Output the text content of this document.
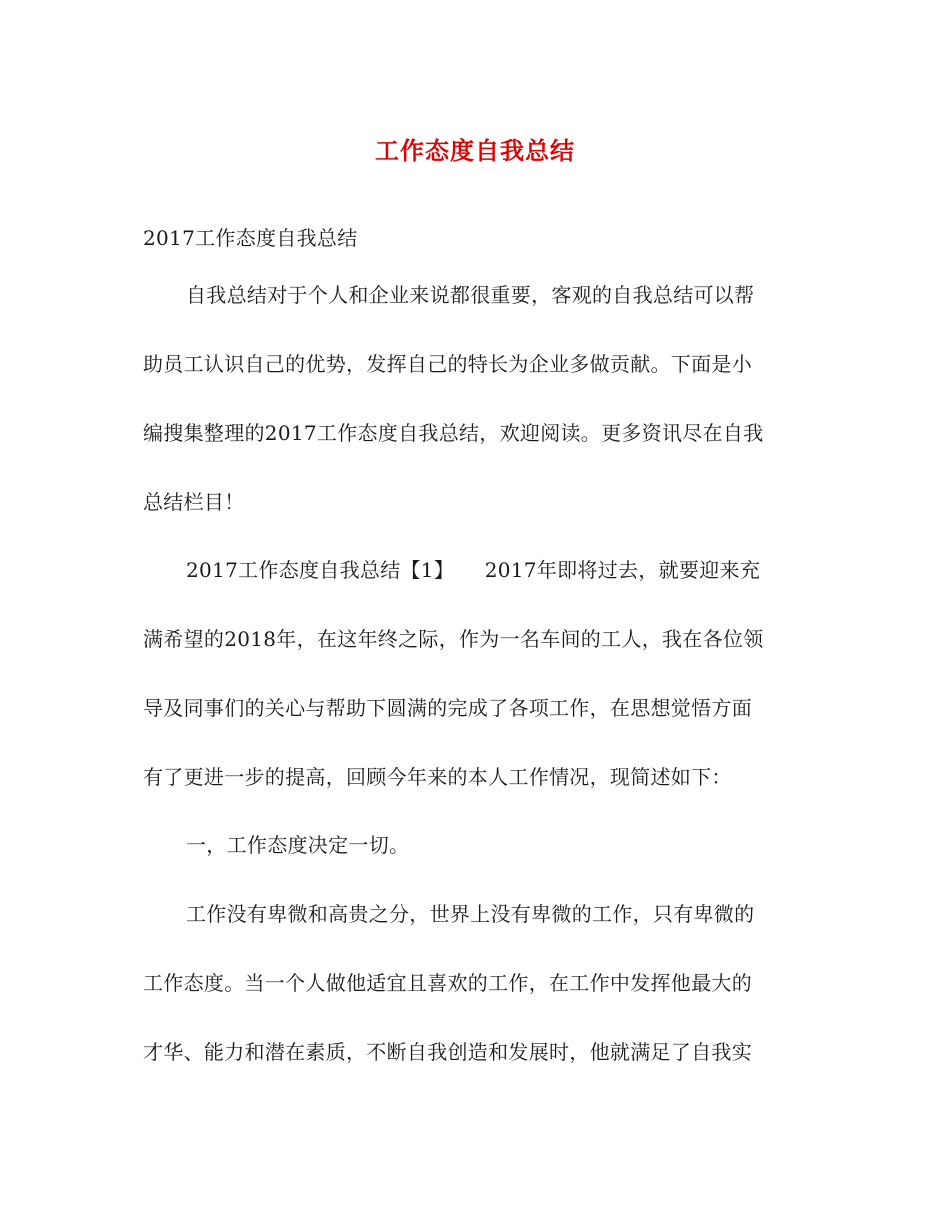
工作态度自我总结
2017工作态度自我总结
自我总结对于个人和企业来说都很重要，客观的自我总结可以帮
助员工认识自己的优势，发挥自己的特长为企业多做贡献。下面是小
编搜集整理的2017工作态度自我总结，欢迎阅读。更多资讯尽在自我
总结栏目！
2017工作态度自我总结【1】　　2017年即将过去，就要迎来充
满希望的2018年，在这年终之际，作为一名车间的工人，我在各位领
导及同事们的关心与帮助下圆满的完成了各项工作，在思想觉悟方面
有了更进一步的提高，回顾今年来的本人工作情况，现简述如下：
一，工作态度决定一切。
工作没有卑微和高贵之分，世界上没有卑微的工作，只有卑微的
工作态度。当一个人做他适宜且喜欢的工作，在工作中发挥他最大的
才华、能力和潜在素质，不断自我创造和发展时，他就满足了自我实
